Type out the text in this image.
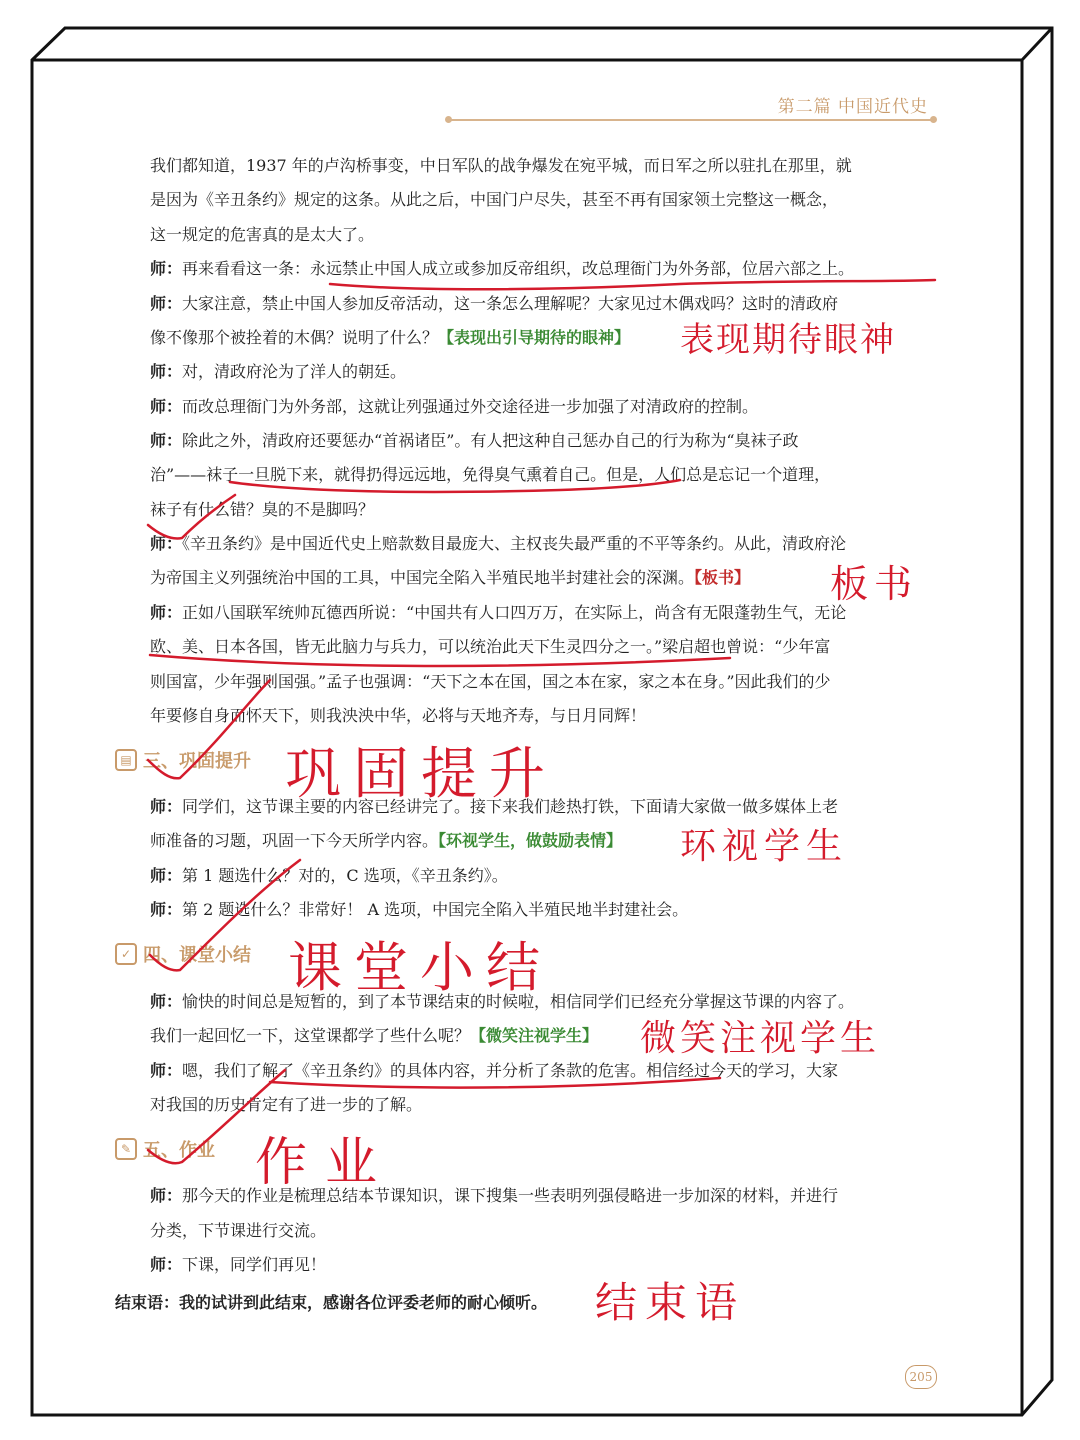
第二篇 中国近代史
我们都知道，1937 年的卢沟桥事变，中日军队的战争爆发在宛平城，而日军之所以驻扎在那里，就
是因为《辛丑条约》规定的这条。从此之后，中国门户尽失，甚至不再有国家领土完整这一概念，
这一规定的危害真的是太大了。
师：再来看看这一条：永远禁止中国人成立或参加反帝组织，改总理衙门为外务部，位居六部之上。
师：大家注意，禁止中国人参加反帝活动，这一条怎么理解呢？大家见过木偶戏吗？这时的清政府
像不像那个被拴着的木偶？说明了什么？【表现出引导期待的眼神】
师：对，清政府沦为了洋人的朝廷。
师：而改总理衙门为外务部，这就让列强通过外交途径进一步加强了对清政府的控制。
师：除此之外，清政府还要惩办“首祸诸臣”。有人把这种自己惩办自己的行为称为“臭袜子政
治”——袜子一旦脱下来，就得扔得远远地，免得臭气熏着自己。但是，人们总是忘记一个道理，
袜子有什么错？臭的不是脚吗？
师：《辛丑条约》是中国近代史上赔款数目最庞大、主权丧失最严重的不平等条约。从此，清政府沦
为帝国主义列强统治中国的工具，中国完全陷入半殖民地半封建社会的深渊。【板书】
师：正如八国联军统帅瓦德西所说：“中国共有人口四万万，在实际上，尚含有无限蓬勃生气，无论
欧、美、日本各国，皆无此脑力与兵力，可以统治此天下生灵四分之一。”梁启超也曾说：“少年富
则国富，少年强则国强。”孟子也强调：“天下之本在国，国之本在家，家之本在身。”因此我们的少
年要修自身而怀天下，则我泱泱中华，必将与天地齐寿，与日月同辉！
▤ 三、巩固提升
师：同学们，这节课主要的内容已经讲完了。接下来我们趁热打铁，下面请大家做一做多媒体上老
师准备的习题，巩固一下今天所学内容。【环视学生，做鼓励表情】
师：第 1 题选什么？对的，C 选项，《辛丑条约》。
师：第 2 题选什么？非常好！ A 选项，中国完全陷入半殖民地半封建社会。
✓ 四、课堂小结
师：愉快的时间总是短暂的，到了本节课结束的时候啦，相信同学们已经充分掌握这节课的内容了。
我们一起回忆一下，这堂课都学了些什么呢？【微笑注视学生】
师：嗯，我们了解了《辛丑条约》的具体内容，并分析了条款的危害。相信经过今天的学习，大家
对我国的历史肯定有了进一步的了解。
✎ 五、作业
师：那今天的作业是梳理总结本节课知识，课下搜集一些表明列强侵略进一步加深的材料，并进行
分类，下节课进行交流。
师：下课，同学们再见！
结束语：我的试讲到此结束，感谢各位评委老师的耐心倾听。
表现期待眼神
板书
巩固提升
环视学生
课堂小结
微笑注视学生
作业
结束语
205
